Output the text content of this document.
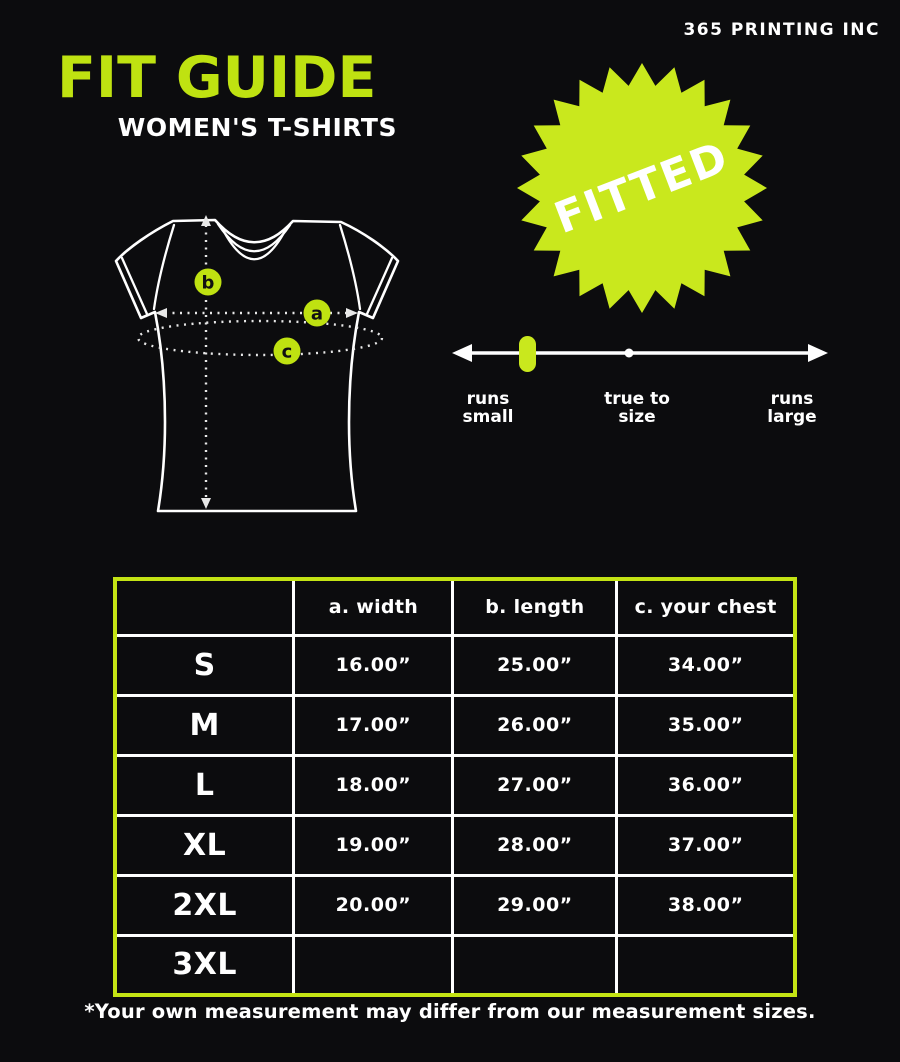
365 PRINTING INC
FIT GUIDE
WOMEN'S T-SHIRTS
FITTED
b
a
c
runs
small
true to
size
runs
large
	a. width	b. length	c. your chest
S	16.00”	25.00”	34.00”
M	17.00”	26.00”	35.00”
L	18.00”	27.00”	36.00”
XL	19.00”	28.00”	37.00”
2XL	20.00”	29.00”	38.00”
3XL			
*Your own measurement may differ from our measurement sizes.
